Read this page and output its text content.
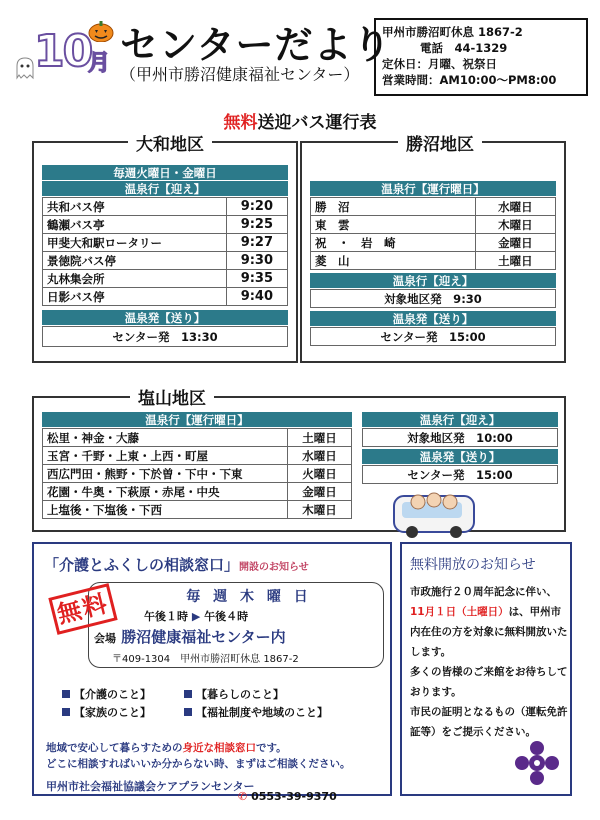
10
月 センターだより
（甲州市勝沼健康福祉センター）
甲州市勝沼町休息 1867-2
電話　44-1329
定休日：月曜、祝祭日
営業時間：AM10:00～PM8:00
無料送迎バス運行表
毎週火曜日・金曜日
温泉行【迎え】
共和バス停	9:20
鶴瀬バス亭	9:25
甲斐大和駅ロータリー	9:27
景徳院バス停	9:30
丸林集会所	9:35
日影バス停	9:40
温泉発【送り】
センター発　13:30
大和地区
温泉行【運行曜日】
勝　沼	水曜日
東　雲	木曜日
祝　・　岩　崎	金曜日
菱　山	土曜日
温泉行【迎え】
対象地区発　9:30
温泉発【送り】
センター発　15:00
勝沼地区
温泉行【運行曜日】
松里・神金・大藤	土曜日
玉宮・千野・上東・上西・町屋	水曜日
西広門田・熊野・下於曽・下中・下東	火曜日
花園・牛奥・下萩原・赤尾・中央	金曜日
上塩後・下塩後・下西	木曜日
温泉行【迎え】
対象地区発　10:00
温泉発【送り】
センター発　15:00
塩山地区
「介護とふくしの相談窓口」開設のお知らせ
無料	毎 週 木 曜 日
午後１時 ▶ 午後４時
会場 勝沼健康福祉センター内
〒409-1304　甲州市勝沼町休息 1867-2
【介護のこと】	【暮らしのこと】
【家族のこと】	【福祉制度や地域のこと】
地域で安心して暮らすための身近な相談窓口です。
どこに相談すればいいか分からない時、まずはご相談ください。
甲州市社会福祉協議会ケアプランセンター
✆ 0553-39-9370
無料開放のお知らせ
市政施行２０周年記念に伴い、11月１日（土曜日）は、甲州市内在住の方を対象に無料開放いたします。
多くの皆様のご来館をお待ちしております。
市民の証明となるもの（運転免許証等）をご提示ください。
